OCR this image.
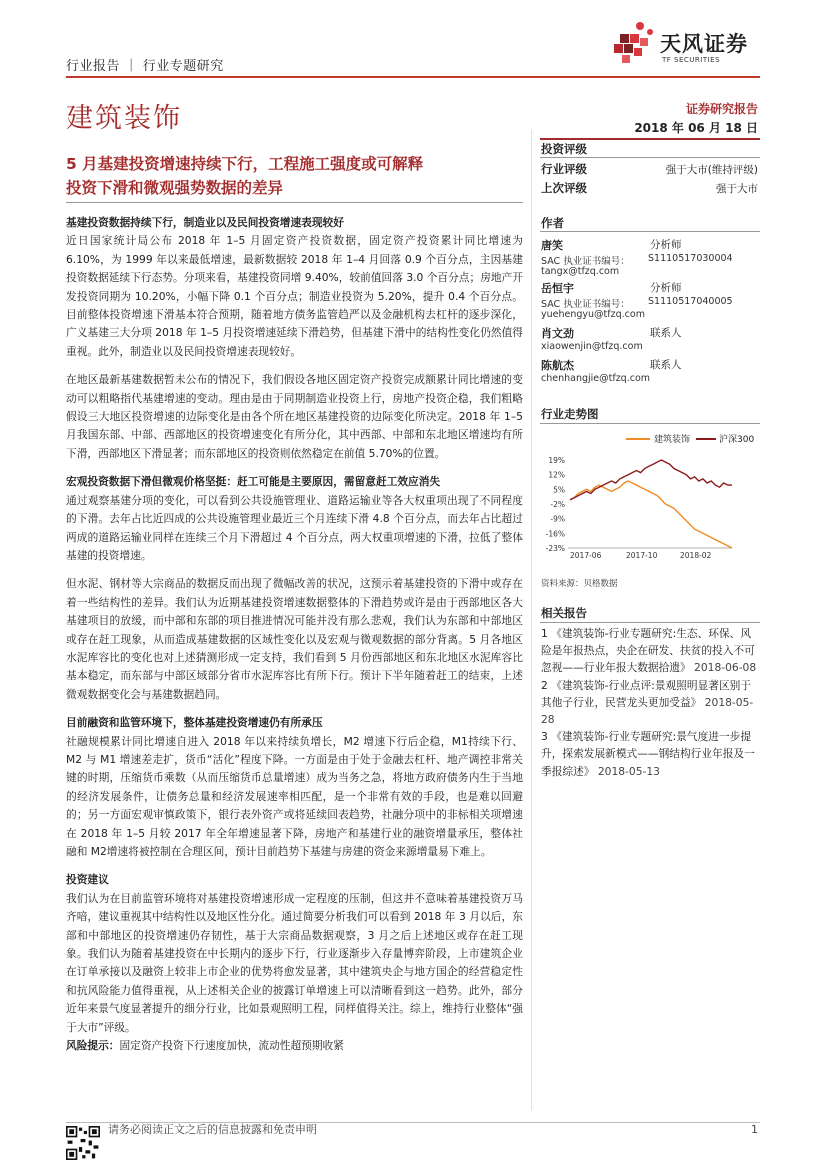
行业报告 ｜ 行业专题研究
天风证券
TF SECURITIES
建筑装饰	证券研究报告
2018 年 06 月 18 日
5 月基建投资增速持续下行，工程施工强度或可解释
投资下滑和微观强势数据的差异
投资评级
行业评级	强于大市(维持评级)
上次评级	强于大市
作者
唐笑	分析师
SAC 执业证书编号： S1110517030004
tangx@tfzq.com
岳恒宇	分析师
SAC 执业证书编号： S1110517040005
yuehengyu@tfzq.com
肖文劲	联系人
xiaowenjin@tfzq.com
陈航杰	联系人
chenhangjie@tfzq.com
行业走势图
建筑装饰	沪深300
19%
12%
5%
-2%
-9%
-16%
-23%
2017-06	2017-10	2018-02
资料来源：贝格数据
相关报告
1 《建筑装饰-行业专题研究:生态、环保、风险是年报热点，央企在研发、扶贫的投入不可忽视——行业年报大数据拾遗》 2018-06-08
2 《建筑装饰-行业点评:景观照明显著区别于其他子行业，民营龙头更加受益》 2018-05-28
3 《建筑装饰-行业专题研究:景气度进一步提升，探索发展新模式——钢结构行业年报及一季报综述》 2018-05-13

基建投资数据持续下行，制造业以及民间投资增速表现较好

近日国家统计局公布 2018 年 1–5 月固定资产投资数据，固定资产投资累计同比增速为 6.10%，为 1999 年以来最低增速，最新数据较 2018 年 1–4 月回落 0.9 个百分点，主因基建投资数据延续下行态势。分项来看，基建投资同增 9.40%，较前值回落 3.0 个百分点；房地产开发投资同期为 10.20%，小幅下降 0.1 个百分点；制造业投资为 5.20%，提升 0.4 个百分点。目前整体投资增速下滑基本符合预期，随着地方债务监管趋严以及金融机构去杠杆的逐步深化，广义基建三大分项 2018 年 1–5 月投资增速延续下滑趋势，但基建下滑中的结构性变化仍然值得重视。此外，制造业以及民间投资增速表现较好。

在地区最新基建数据暂未公布的情况下，我们假设各地区固定资产投资完成额累计同比增速的变动可以粗略指代基建增速的变动。理由是由于同期制造业投资上行，房地产投资企稳，我们粗略假设三大地区投资增速的边际变化是由各个所在地区基建投资的边际变化所决定。2018 年 1–5 月我国东部、中部、西部地区的投资增速变化有所分化，其中西部、中部和东北地区增速均有所下滑，西部地区下滑显著；而东部地区的投资则依然稳定在前值 5.70%的位置。

宏观投资数据下滑但微观价格坚挺：赶工可能是主要原因，需留意赶工效应消失

通过观察基建分项的变化，可以看到公共设施管理业、道路运输业等各大权重项出现了不同程度的下滑。去年占比近四成的公共设施管理业最近三个月连续下滑 4.8 个百分点，而去年占比超过两成的道路运输业同样在连续三个月下滑超过 4 个百分点，两大权重项增速的下滑，拉低了整体基建的投资增速。

但水泥、钢材等大宗商品的数据反而出现了微幅改善的状况，这预示着基建投资的下滑中或存在着一些结构性的差异。我们认为近期基建投资增速数据整体的下滑趋势或许是由于西部地区各大基建项目的放缓，而中部和东部的项目推进情况可能并没有那么悲观，我们认为东部和中部地区或存在赶工现象，从而造成基建数据的区域性变化以及宏观与微观数据的部分背离。5 月各地区水泥库容比的变化也对上述猜测形成一定支持，我们看到 5 月份西部地区和东北地区水泥库容比基本稳定，而东部与中部区域部分省市水泥库容比有所下行。预计下半年随着赶工的结束，上述微观数据变化会与基建数据趋同。

目前融资和监管环境下，整体基建投资增速仍有所承压

社融规模累计同比增速自进入 2018 年以来持续负增长，M2 增速下行后企稳，M1持续下行、M2 与 M1 增速差走扩，货币“活化”程度下降。一方面是由于处于金融去杠杆、地产调控非常关键的时期，压缩货币乘数（从而压缩货币总量增速）成为当务之急，将地方政府债务内生于当地的经济发展条件，让债务总量和经济发展速率相匹配，是一个非常有效的手段，也是难以回避的；另一方面宏观审慎政策下，银行表外资产或将延续回表趋势，社融分项中的非标相关项增速在 2018 年 1–5 月较 2017 年全年增速显著下降，房地产和基建行业的融资增量承压，整体社融和 M2增速将被控制在合理区间，预计目前趋势下基建与房建的资金来源增量易下难上。

投资建议

我们认为在目前监管环境将对基建投资增速形成一定程度的压制，但这并不意味着基建投资万马齐喑，建议重视其中结构性以及地区性分化。通过简要分析我们可以看到 2018 年 3 月以后，东部和中部地区的投资增速仍存韧性，基于大宗商品数据观察，3 月之后上述地区或存在赶工现象。我们认为随着基建投资在中长期内的逐步下行，行业逐渐步入存量博弈阶段，上市建筑企业在订单承接以及融资上较非上市企业的优势将愈发显著，其中建筑央企与地方国企的经营稳定性和抗风险能力值得重视，从上述相关企业的披露订单增速上可以清晰看到这一趋势。此外，部分近年来景气度显著提升的细分行业，比如景观照明工程，同样值得关注。综上，维持行业整体“强于大市”评级。

风险提示：固定资产投资下行速度加快，流动性超预期收紧

请务必阅读正文之后的信息披露和免责申明	1
